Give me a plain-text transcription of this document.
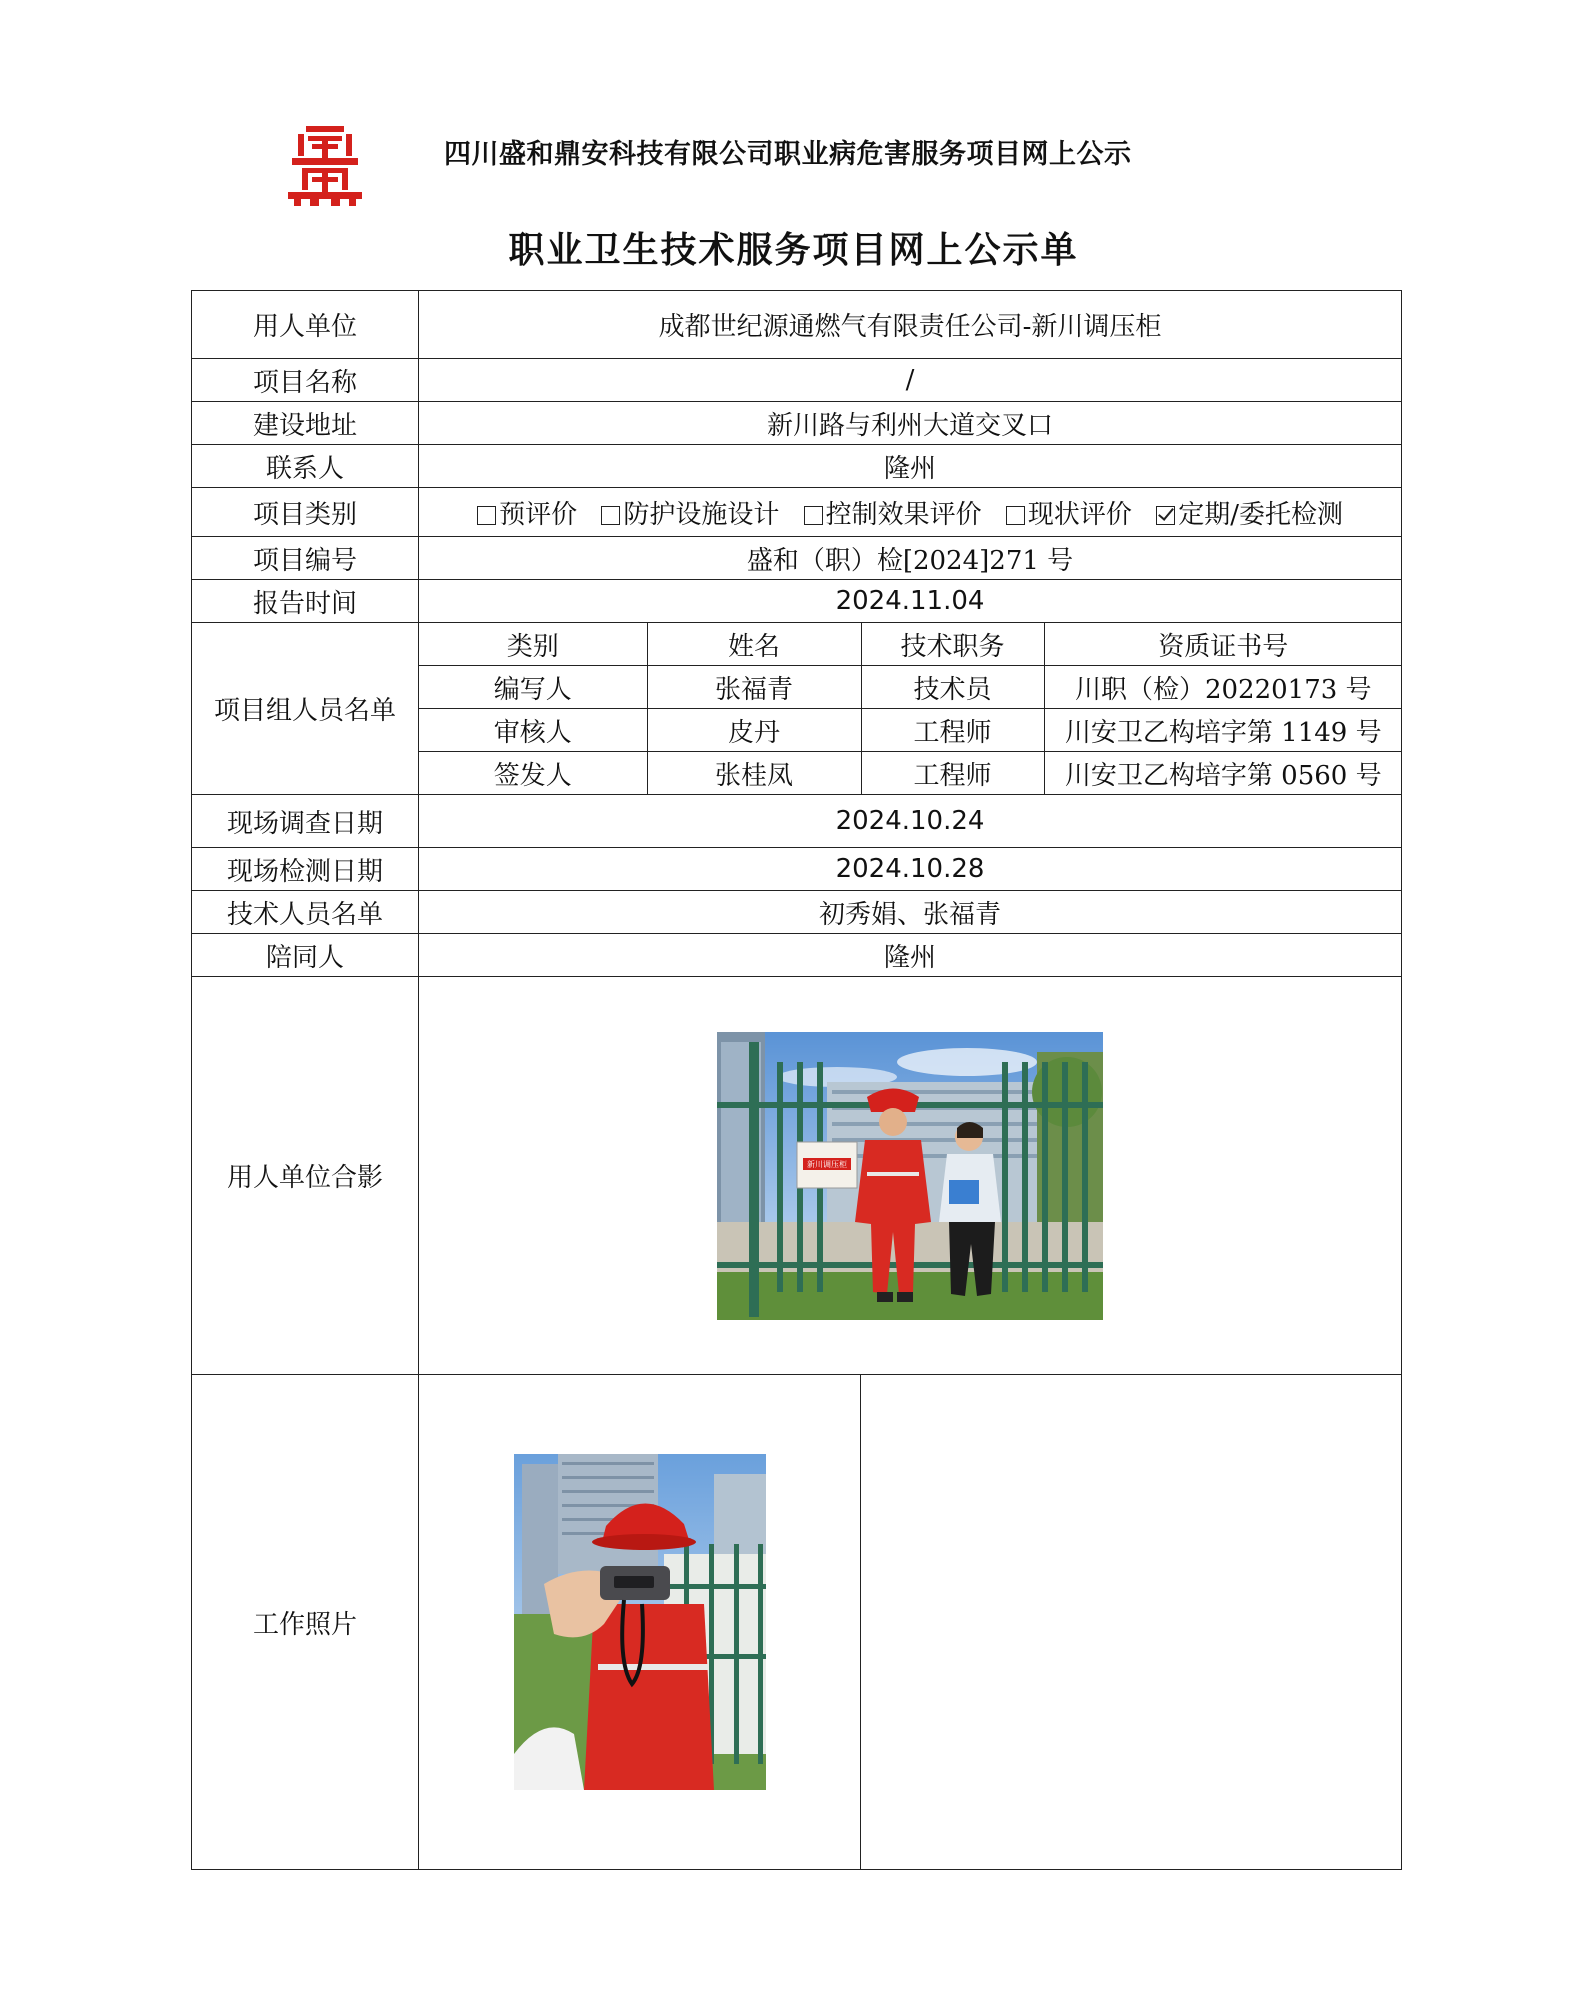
四川盛和鼎安科技有限公司职业病危害服务项目网上公示
职业卫生技术服务项目网上公示单
用人单位	成都世纪源通燃气有限责任公司-新川调压柜
项目名称	/
建设地址	新川路与利州大道交叉口
联系人	隆州
项目类别	预评价 防护设施设计 控制效果评价 现状评价 定期/委托检测
项目编号	盛和（职）检[2024]271 号
报告时间	2024.11.04
项目组人员名单	
类别	姓名	技术职务	资质证书号
编写人	张福青	技术员	川职（检）20220173 号
审核人	皮丹	工程师	川安卫乙构培字第 1149 号
签发人	张桂凤	工程师	川安卫乙构培字第 0560 号

现场调查日期	2024.10.24
现场检测日期	2024.10.28
技术人员名单	初秀娟、张福青
陪同人	隆州
用人单位合影	新川调压柜

工作照片		
